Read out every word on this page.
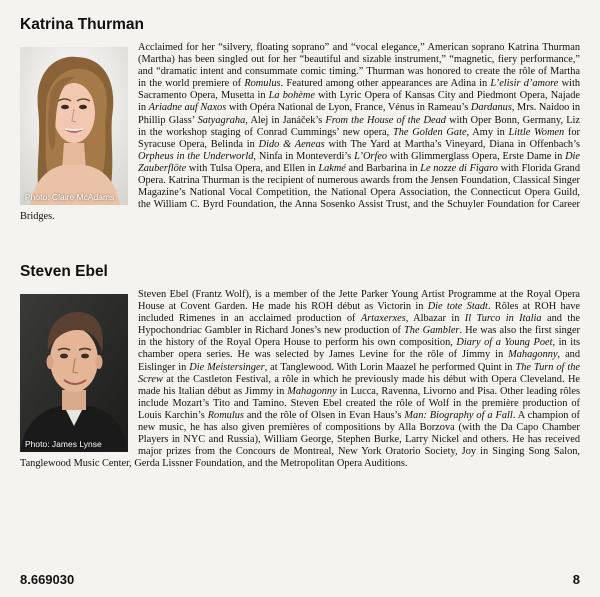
Katrina Thurman
Photo: Claire McAdams

Acclaimed for her “silvery, floating soprano” and “vocal elegance,” American soprano Katrina Thurman (Martha) has been singled out for her “beautiful and sizable instrument,” “magnetic, fiery performance,” and “dramatic intent and consummate comic timing.” Thurman was honored to create the rôle of Martha in the world premiere of Romulus. Featured among other appearances are Adina in L’elisir d’amore with Sacramento Opera, Musetta in La bohème with Lyric Opera of Kansas City and Piedmont Opera, Najade in Ariadne auf Naxos with Opéra National de Lyon, France, Vénus in Rameau’s Dardanus, Mrs. Naidoo in Phillip Glass’ Satyagraha, Alej in Janáček’s From the House of the Dead with Oper Bonn, Germany, Liz in the workshop staging of Conrad Cummings’ new opera, The Golden Gate, Amy in Little Women for Syracuse Opera, Belinda in Dido & Aeneas with The Yard at Martha’s Vineyard, Diana in Offenbach’s Orpheus in the Underworld, Ninfa in Monteverdi’s L’Orfeo with Glimmerglass Opera, Erste Dame in Die Zauberflöte with Tulsa Opera, and Ellen in Lakmé and Barbarina in Le nozze di Figaro with Florida Grand Opera. Katrina Thurman is the recipient of numerous awards from the Jensen Foundation, Classical Singer Magazine’s National Vocal Competition, the National Opera Association, the Connecticut Opera Guild, the William C. Byrd Foundation, the Anna Sosenko Assist Trust, and the Schuyler Foundation for Career Bridges.

Steven Ebel
Photo: James Lynse

Steven Ebel (Frantz Wolf), is a member of the Jette Parker Young Artist Programme at the Royal Opera House at Covent Garden. He made his ROH début as Victorin in Die tote Stadt. Rôles at ROH have included Rimenes in an acclaimed production of Artaxerxes, Albazar in Il Turco in Italia and the Hypochondriac Gambler in Richard Jones’s new production of The Gambler. He was also the first singer in the history of the Royal Opera House to perform his own composition, Diary of a Young Poet, in its chamber opera series. He was selected by James Levine for the rôle of Jimmy in Mahagonny, and Eislinger in Die Meistersinger, at Tanglewood. With Lorin Maazel he performed Quint in The Turn of the Screw at the Castleton Festival, a rôle in which he previously made his début with Opera Cleveland. He made his Italian début as Jimmy in Mahagonny in Lucca, Ravenna, Livorno and Pisa. Other leading rôles include Mozart’s Tito and Tamino. Steven Ebel created the rôle of Wolf in the première production of Louis Karchin’s Romulus and the rôle of Olsen in Evan Haus’s Man: Biography of a Fall. A champion of new music, he has also given premières of compositions by Alla Borzova (with the Da Capo Chamber Players in NYC and Russia), William George, Stephen Burke, Larry Nickel and others. He has received major prizes from the Concours de Montreal, New York Oratorio Society, Joy in Singing Song Salon, Tanglewood Music Center, Gerda Lissner Foundation, and the Metropolitan Opera Auditions.

8.669030	8
